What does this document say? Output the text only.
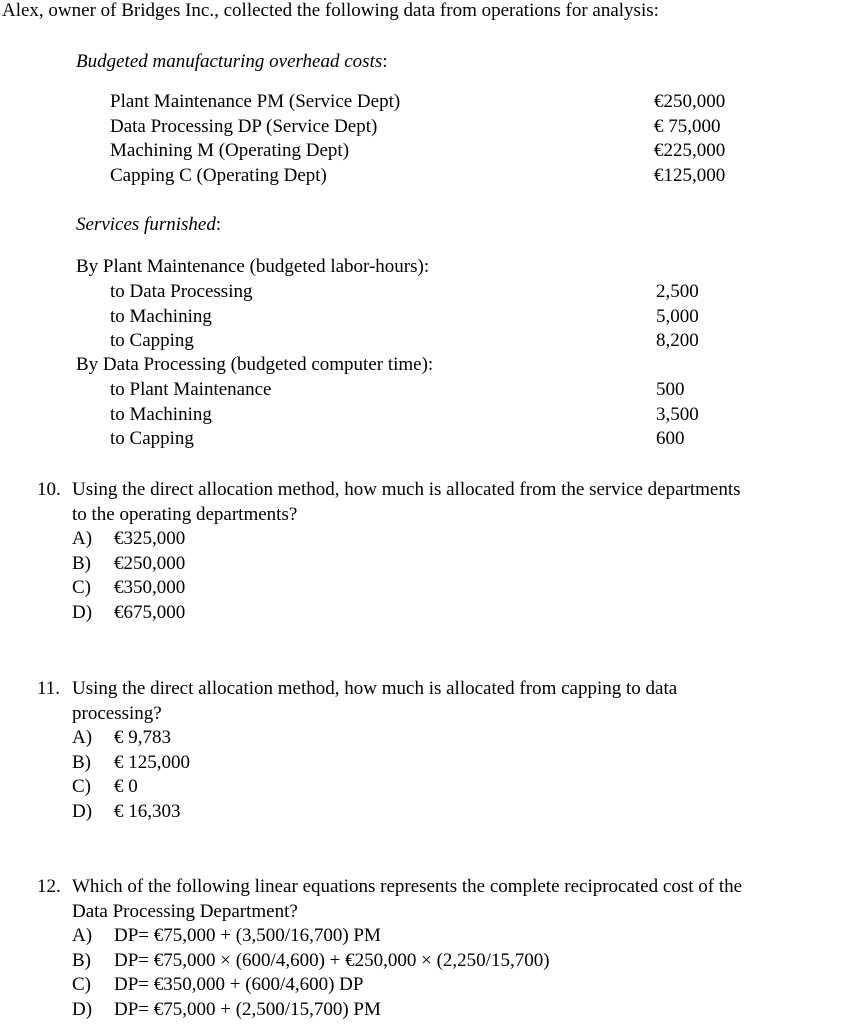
Alex, owner of Bridges Inc., collected the following data from operations for analysis:
Budgeted manufacturing overhead costs:
Plant Maintenance PM (Service Dept)
Data Processing DP (Service Dept)
Machining M (Operating Dept)
Capping C (Operating Dept)
€250,000
€ 75,000
€225,000
€125,000
Services furnished:
By Plant Maintenance (budgeted labor-hours):
to Data Processing
to Machining
to Capping
2,500
5,000
8,200
By Data Processing (budgeted computer time):
to Plant Maintenance
to Machining
to Capping
500
3,500
600
10. Using the direct allocation method, how much is allocated from the service departments
to the operating departments?
A) €325,000
B) €250,000
C) €350,000
D) €675,000
11. Using the direct allocation method, how much is allocated from capping to data
processing?
A) € 9,783
B) € 125,000
C) € 0
D) € 16,303
12. Which of the following linear equations represents the complete reciprocated cost of the
Data Processing Department?
A) DP= €75,000 + (3,500/16,700) PM
B) DP= €75,000 × (600/4,600) + €250,000 × (2,250/15,700)
C) DP= €350,000 + (600/4,600) DP
D) DP= €75,000 + (2,500/15,700) PM
